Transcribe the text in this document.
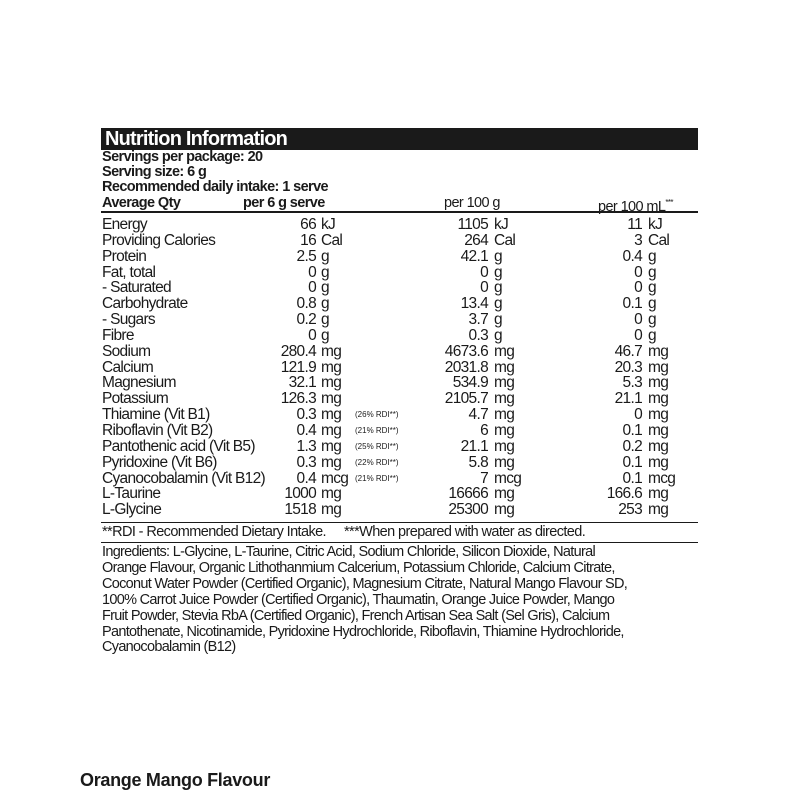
Nutrition Information
Servings per package: 20
Serving size: 6 g
Recommended daily intake: 1 serve
Average Qty	per 6 g serve	per 100 g	per 100 mL***
Energy	66 kJ	1105 kJ	11 kJ
Providing Calories	16 Cal	264 Cal	3 Cal
Protein	2.5 g	42.1 g	0.4 g
Fat, total	0 g	0 g	0 g
- Saturated	0 g	0 g	0 g
Carbohydrate	0.8 g	13.4 g	0.1 g
- Sugars	0.2 g	3.7 g	0 g
Fibre	0 g	0.3 g	0 g
Sodium	280.4 mg	4673.6 mg	46.7 mg
Calcium	121.9 mg	2031.8 mg	20.3 mg
Magnesium	32.1 mg	534.9 mg	5.3 mg
Potassium	126.3 mg	2105.7 mg	21.1 mg
Thiamine (Vit B1)	0.3 mg (26% RDI**)	4.7 mg	0 mg
Riboflavin (Vit B2)	0.4 mg (21% RDI**)	6 mg	0.1 mg
Pantothenic acid (Vit B5)	1.3 mg (25% RDI**)	21.1 mg	0.2 mg
Pyridoxine (Vit B6)	0.3 mg (22% RDI**)	5.8 mg	0.1 mg
Cyanocobalamin (Vit B12) 0.4 mcg (21% RDI**)	7 mcg	0.1 mcg
L-Taurine	1000 mg	16666 mg	166.6 mg
L-Glycine	1518 mg	25300 mg	253 mg
**RDI - Recommended Dietary Intake. ***When prepared with water as directed.
Ingredients: L-Glycine, L-Taurine, Citric Acid, Sodium Chloride, Silicon Dioxide, Natural
Orange Flavour, Organic Lithothanmium Calcerium, Potassium Chloride, Calcium Citrate,
Coconut Water Powder (Certified Organic), Magnesium Citrate, Natural Mango Flavour SD,
100% Carrot Juice Powder (Certified Organic), Thaumatin, Orange Juice Powder, Mango
Fruit Powder, Stevia RbA (Certified Organic), French Artisan Sea Salt (Sel Gris), Calcium
Pantothenate, Nicotinamide, Pyridoxine Hydrochloride, Riboflavin, Thiamine Hydrochloride,
Cyanocobalamin (B12)
Orange Mango Flavour
